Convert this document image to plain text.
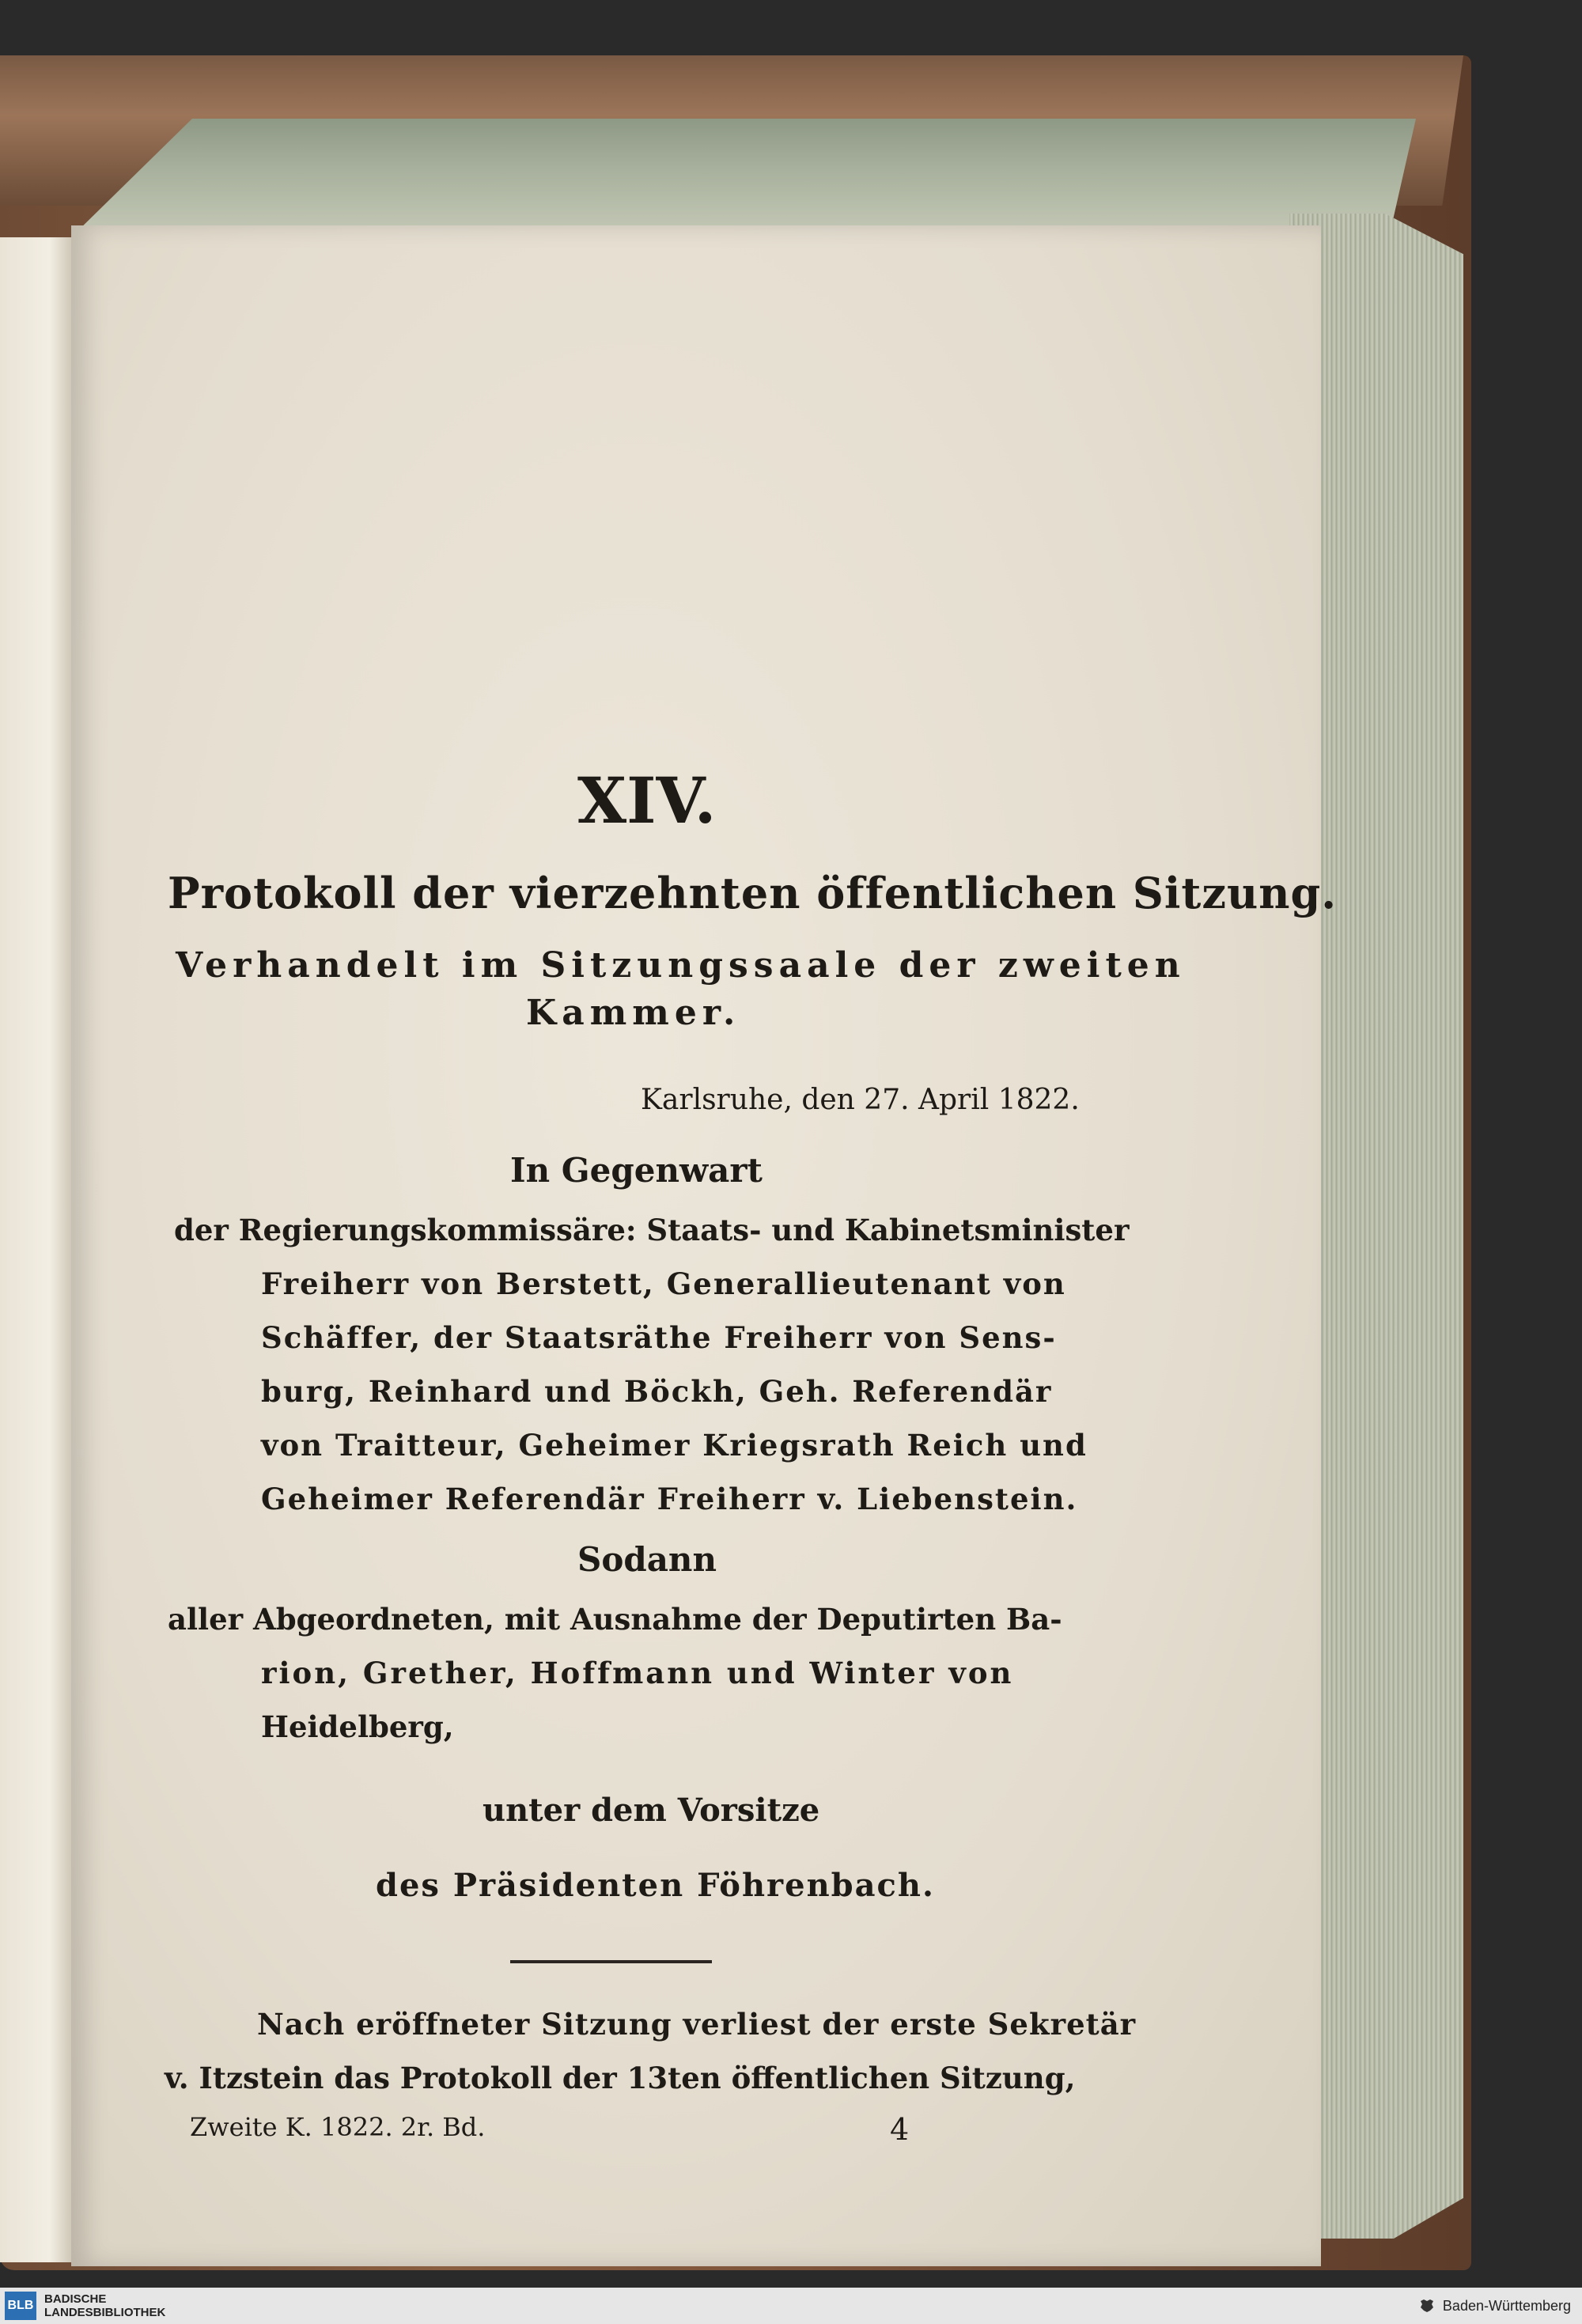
XIV.
Protokoll der vierzehnten öffentlichen Sitzung.
Verhandelt im Sitzungssaale der zweiten
Kammer.
Karlsruhe, den 27. April 1822.
In Gegenwart
der Regierungskommissäre: Staats- und Kabinetsminister
Freiherr von Berstett, Generallieutenant von
Schäffer, der Staatsräthe Freiherr von Sens-
burg, Reinhard und Böckh, Geh. Referendär
von Traitteur, Geheimer Kriegsrath Reich und
Geheimer Referendär Freiherr v. Liebenstein.
Sodann
aller Abgeordneten, mit Ausnahme der Deputirten Ba-
rion, Grether, Hoffmann und Winter von
Heidelberg,
unter dem Vorsitze
des Präsidenten Föhrenbach.
Nach eröffneter Sitzung verliest der erste Sekretär
v. Itzstein das Protokoll der 13ten öffentlichen Sitzung,
Zweite K. 1822. 2r. Bd.	4
BLB BADISCHE
LANDESBIBLIOTHEK	Baden-Württemberg
